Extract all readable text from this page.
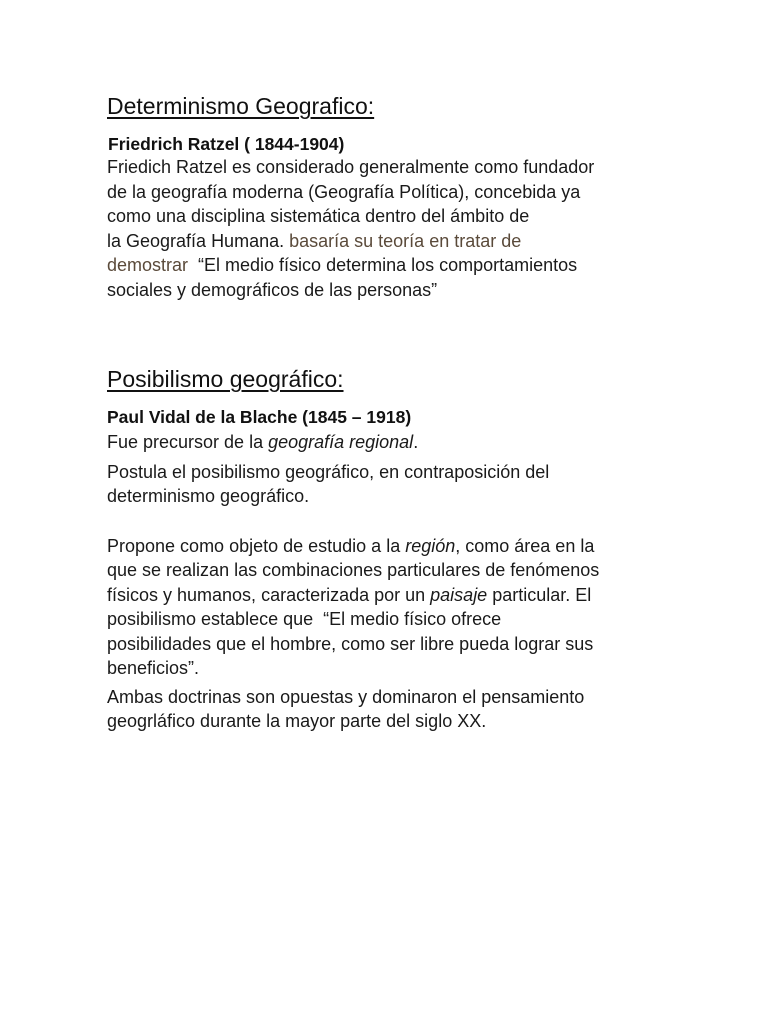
Determinismo Geografico:
Friedrich Ratzel ( 1844-1904)

Friedich Ratzel es considerado generalmente como fundador
de la geografía moderna (Geografía Política), concebida ya
como una disciplina sistemática dentro del ámbito de
la Geografía Humana. basaría su teoría en tratar de
demostrar  “El medio físico determina los comportamientos
sociales y demográficos de las personas”

Posibilismo geográfico:
Paul Vidal de la Blache (1845 – 1918)

Fue precursor de la geografía regional.

Postula el posibilismo geográfico, en contraposición del
determinismo geográfico.

Propone como objeto de estudio a la región, como área en la
que se realizan las combinaciones particulares de fenómenos
físicos y humanos, caracterizada por un paisaje particular. El
posibilismo establece que  “El medio físico ofrece
posibilidades que el hombre, como ser libre pueda lograr sus
beneficios”.

Ambas doctrinas son opuestas y dominaron el pensamiento
geogrláfico durante la mayor parte del siglo XX.
